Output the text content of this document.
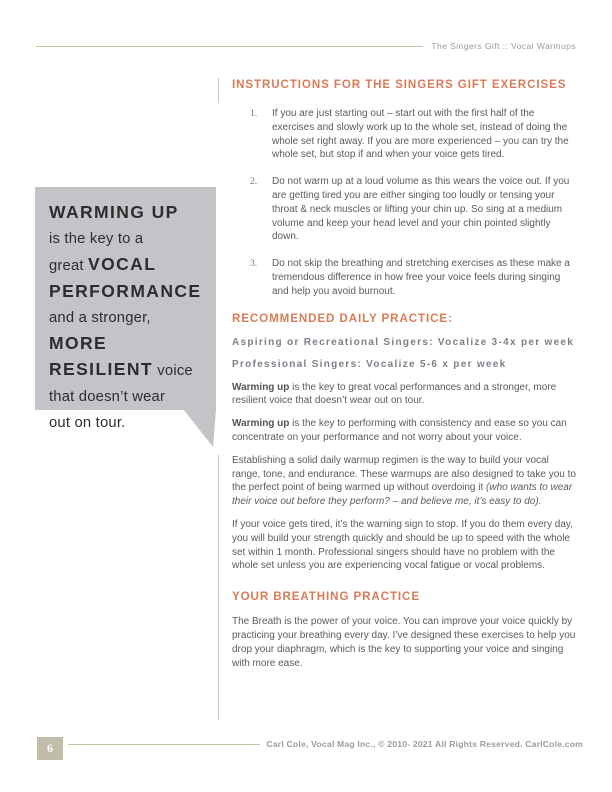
The Singers Gift :: Vocal Warmups
WARMING UP
is the key to a
great VOCAL
PERFORMANCE
and a stronger,
MORE
RESILIENT voice
that doesn’t wear
out on tour.
INSTRUCTIONS FOR THE SINGERS GIFT EXERCISES
1. If you are just starting out – start out with the first half of the exercises and slowly work up to the whole set, instead of doing the whole set right away. If you are more experienced – you can try the whole set, but stop if and when your voice gets tired.
2. Do not warm up at a loud volume as this wears the voice out. If you are getting tired you are either singing too loudly or tensing your throat & neck muscles or lifting your chin up. So sing at a medium volume and keep your head level and your chin pointed slightly down.
3. Do not skip the breathing and stretching exercises as these make a tremendous difference in how free your voice feels during singing and help you avoid burnout.
RECOMMENDED DAILY PRACTICE:
Aspiring or Recreational Singers: Vocalize 3-4x per week
Professional Singers: Vocalize 5-6 x per week
Warming up is the key to great vocal performances and a stronger, more resilient voice that doesn’t wear out on tour.
Warming up is the key to performing with consistency and ease so you can concentrate on your performance and not worry about your voice.
Establishing a solid daily warmup regimen is the way to build your vocal range, tone, and endurance. These warmups are also designed to take you to the perfect point of being warmed up without overdoing it (who wants to wear their voice out before they perform? – and believe me, it’s easy to do).
If your voice gets tired, it’s the warning sign to stop. If you do them every day, you will build your strength quickly and should be up to speed with the whole set within 1 month. Professional singers should have no problem with the whole set unless you are experiencing vocal fatigue or vocal problems.
YOUR BREATHING PRACTICE
The Breath is the power of your voice. You can improve your voice quickly by practicing your breathing every day. I’ve designed these exercises to help you drop your diaphragm, which is the key to supporting your voice and singing with more ease.
6	Carl Cole, Vocal Mag Inc., © 2010- 2021 All Rights Reserved. CarlCole.com
